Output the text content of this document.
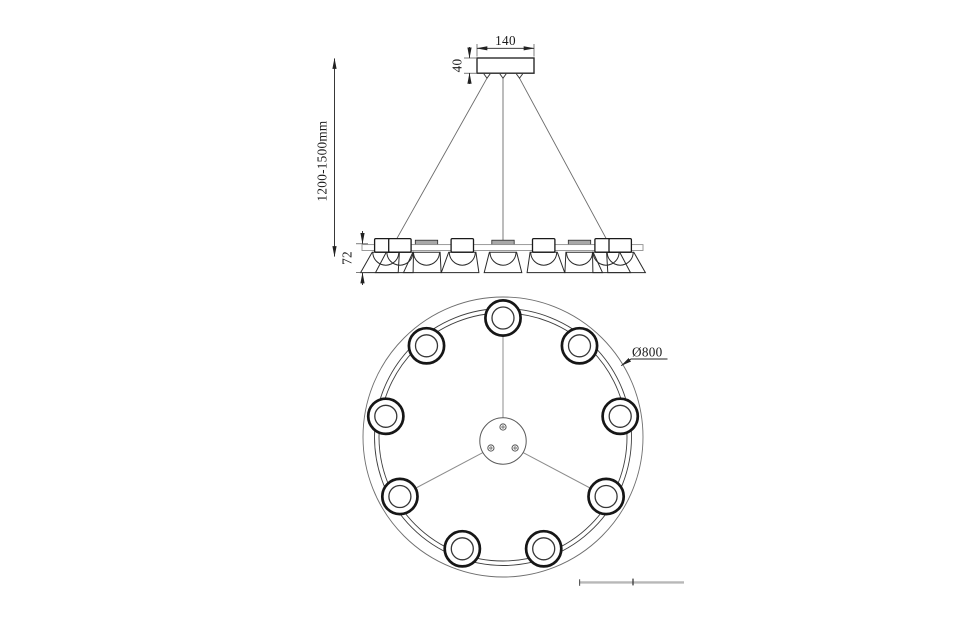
140
40
1200-1500mm
72
Ø800
